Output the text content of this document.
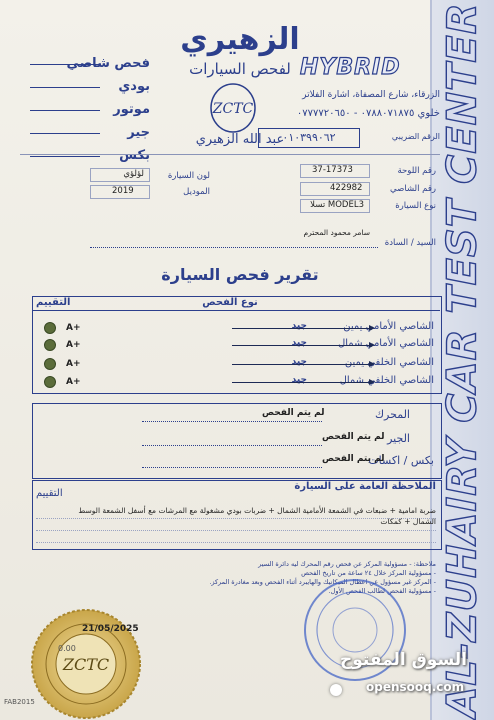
AL-ZUHAIRY CAR TEST CENTER
الزهيري
لفحص السيارات
ZCTC
عبد الله الزهيري
HYBRID
الزرقاء، شارع المصفاة، اشارة الفلاتر
خلوي ٠٧٨٨٠٧١٨٧٥ - ٠٧٧٧٧٢٠٦٥٠
الرقم الضريبي
٠١٠٣٩٩٠٦٢
فحص شاصي
بودي
موتور
جير
بكس
رقم اللوحة
37-17373
رقم الشاصي
422982
نوع السيارة
MODEL3 تسلا
لون السيارة
لؤلؤي
الموديل
2019
السيد / السادة
سامر محمود المحترم
تقرير فحص السيارة
نوع الفحص
التقييم
الشاصي الأمامي يمين
جيد
A+
الشاصي الأمامي شمال
جيد
A+
الشاصي الخلفي يمين
جيد
A+
الشاصي الخلفي شمال
جيد
A+
المحرك
لم يتم الفحص
الجير
لم يتم الفحص
بكس / اكسات
لم يتم الفحص
الملاحظة العامة على السيارة
التقييم
ضربة امامية + ضبعات في الشمعة الأمامية الشمال + ضربات بودي مشغولة مع المرشات مع أسفل الشمعة الوسط
الشمال + كمكات
ملاحظة: - مسؤولية المركز عن فحص رقم المحرك ليه دائرة السير
- مسؤولية المركز خلال ٢٤ ساعة من تاريخ الفحص
- المركز غير مسؤول عن اعطال الميكانيك والهايبرد أثناء الفحص وبعد مغادرة المركز.
- مسؤولية الفحص لطالب الفحص الأول.
ZCTC
21/05/2025
0.00
FAB2015
السوق المفتوح
opensooq.com
